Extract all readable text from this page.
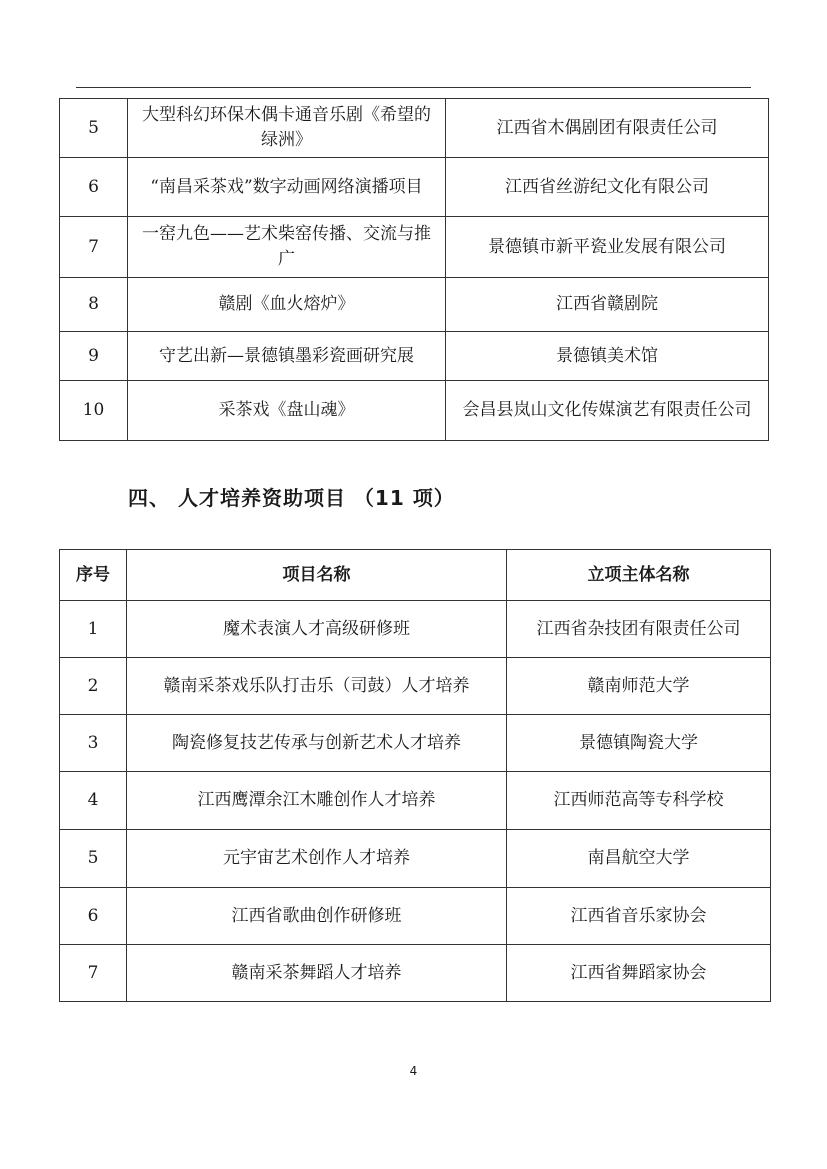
5	大型科幻环保木偶卡通音乐剧《希望的绿洲》	江西省木偶剧团有限责任公司
6	“南昌采茶戏”数字动画网络演播项目	江西省丝游纪文化有限公司
7	一窑九色——艺术柴窑传播、交流与推广	景德镇市新平瓷业发展有限公司
8	赣剧《血火熔炉》	江西省赣剧院
9	守艺出新—景德镇墨彩瓷画研究展	景德镇美术馆
10	采茶戏《盘山魂》	会昌县岚山文化传媒演艺有限责任公司
四、 人才培养资助项目 （11 项）
序号	项目名称	立项主体名称
1	魔术表演人才高级研修班	江西省杂技团有限责任公司
2	赣南采茶戏乐队打击乐（司鼓）人才培养	赣南师范大学
3	陶瓷修复技艺传承与创新艺术人才培养	景德镇陶瓷大学
4	江西鹰潭余江木雕创作人才培养	江西师范高等专科学校
5	元宇宙艺术创作人才培养	南昌航空大学
6	江西省歌曲创作研修班	江西省音乐家协会
7	赣南采茶舞蹈人才培养	江西省舞蹈家协会
4
